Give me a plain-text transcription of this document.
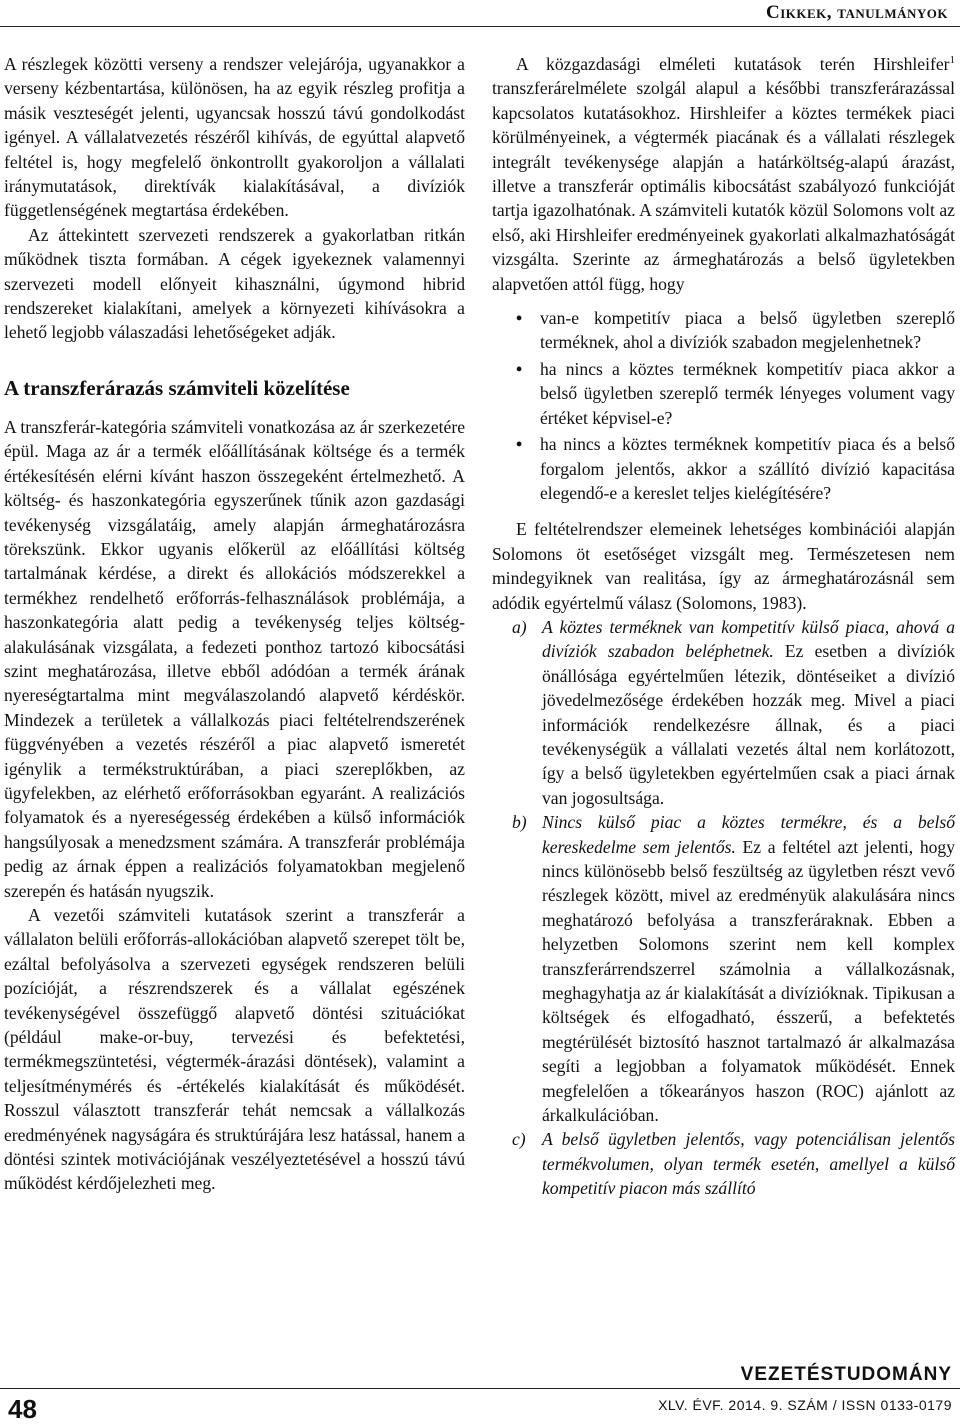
Cikkek, tanulmányok

A részlegek közötti verseny a rendszer velejárója, ugyanakkor a verseny kézbentartása, különösen, ha az egyik részleg profitja a másik veszteségét jelenti, ugyancsak hosszú távú gondolkodást igényel. A vállalatvezetés részéről kihívás, de egyúttal alapvető feltétel is, hogy megfelelő önkontrollt gyakoroljon a vállalati iránymutatások, direktívák kialakításával, a divíziók függetlenségének megtartása érdekében.

Az áttekintett szervezeti rendszerek a gyakorlatban ritkán működnek tiszta formában. A cégek igyekeznek valamennyi szervezeti modell előnyeit kihasználni, úgymond hibrid rendszereket kialakítani, amelyek a környezeti kihívásokra a lehető legjobb válaszadási lehetőségeket adják.

A transzferárazás számviteli közelítése

A transzferár-kategória számviteli vonatkozása az ár szerkezetére épül. Maga az ár a termék előállításának költsége és a termék értékesítésén elérni kívánt haszon összegeként értelmezhető. A költség- és haszonkategória egyszerűnek tűnik azon gazdasági tevékenység vizsgálatáig, amely alapján ármeghatározásra törekszünk. Ekkor ugyanis előkerül az előállítási költség tartalmának kérdése, a direkt és allokációs módszerekkel a termékhez rendelhető erőforrás-felhasználások problémája, a haszonkategória alatt pedig a tevékenység teljes költség-alakulásának vizsgálata, a fedezeti ponthoz tartozó kibocsátási szint meghatározása, illetve ebből adódóan a termék árának nyereségtartalma mint megválaszolandó alapvető kérdéskör. Mindezek a területek a vállalkozás piaci feltételrendszerének függvényében a vezetés részéről a piac alapvető ismeretét igénylik a termékstruktúrában, a piaci szereplőkben, az ügyfelekben, az elérhető erőforrásokban egyaránt. A realizációs folyamatok és a nyereségesség érdekében a külső információk hangsúlyosak a menedzsment számára. A transzferár problémája pedig az árnak éppen a realizációs folyamatokban megjelenő szerepén és hatásán nyugszik.

A vezetői számviteli kutatások szerint a transzferár a vállalaton belüli erőforrás-allokációban alapvető szerepet tölt be, ezáltal befolyásolva a szervezeti egységek rendszeren belüli pozícióját, a részrendszerek és a vállalat egészének tevékenységével összefüggő alapvető döntési szituációkat (például make-or-buy, tervezési és befektetési, termékmegszüntetési, végtermék-árazási döntések), valamint a teljesítménymérés és -értékelés kialakítását és működését. Rosszul választott transzferár tehát nemcsak a vállalkozás eredményének nagyságára és struktúrájára lesz hatással, hanem a döntési szintek motivációjának veszélyeztetésével a hosszú távú működést kérdőjelezheti meg.

A közgazdasági elméleti kutatások terén Hirshleifer$^1$ transzferárelmélete szolgál alapul a későbbi transzferárazással kapcsolatos kutatásokhoz. Hirshleifer a köztes termékek piaci körülményeinek, a végtermék piacának és a vállalati részlegek integrált tevékenysége alapján a határköltség-alapú árazást, illetve a transzferár optimális kibocsátást szabályozó funkcióját tartja igazolhatónak. A számviteli kutatók közül Solomons volt az első, aki Hirshleifer eredményeinek gyakorlati alkalmazhatóságát vizsgálta. Szerinte az ármeghatározás a belső ügyletekben alapvetően attól függ, hogy

• van-e kompetitív piaca a belső ügyletben szereplő terméknek, ahol a divíziók szabadon megjelenhetnek?
• ha nincs a köztes terméknek kompetitív piaca akkor a belső ügyletben szereplő termék lényeges volument vagy értéket képvisel-e?
• ha nincs a köztes terméknek kompetitív piaca és a belső forgalom jelentős, akkor a szállító divízió kapacitása elegendő-e a kereslet teljes kielégítésére?

E feltételrendszer elemeinek lehetséges kombinációi alapján Solomons öt esetőséget vizsgált meg. Természetesen nem mindegyiknek van realitása, így az ármeghatározásnál sem adódik egyértelmű válasz (Solomons, 1983).

a) A köztes terméknek van kompetitív külső piaca, ahová a divíziók szabadon beléphetnek. Ez esetben a divíziók önállósága egyértelműen létezik, döntéseiket a divízió jövedelmezősége érdekében hozzák meg. Mivel a piaci információk rendelkezésre állnak, és a piaci tevékenységük a vállalati vezetés által nem korlátozott, így a belső ügyletekben egyértelműen csak a piaci árnak van jogosultsága.
b) Nincs külső piac a köztes termékre, és a belső kereskedelme sem jelentős. Ez a feltétel azt jelenti, hogy nincs különösebb belső feszültség az ügyletben részt vevő részlegek között, mivel az eredményük alakulására nincs meghatározó befolyása a transzferáraknak. Ebben a helyzetben Solomons szerint nem kell komplex transzferárrendszerrel számolnia a vállalkozásnak, meghagyhatja az ár kialakítását a divízióknak. Tipikusan a költségek és elfogadható, ésszerű, a befektetés megtérülését biztosító hasznot tartalmazó ár alkalmazása segíti a legjobban a folyamatok működését. Ennek megfelelően a tőkearányos haszon (ROC) ajánlott az árkalkulációban.
c) A belső ügyletben jelentős, vagy potenciálisan jelentős termékvolumen, olyan termék esetén, amellyel a külső kompetitív piacon más szállító
VEZETÉSTUDOMÁNY
48	XLV. ÉVF. 2014. 9. SZÁM / ISSN 0133-0179
